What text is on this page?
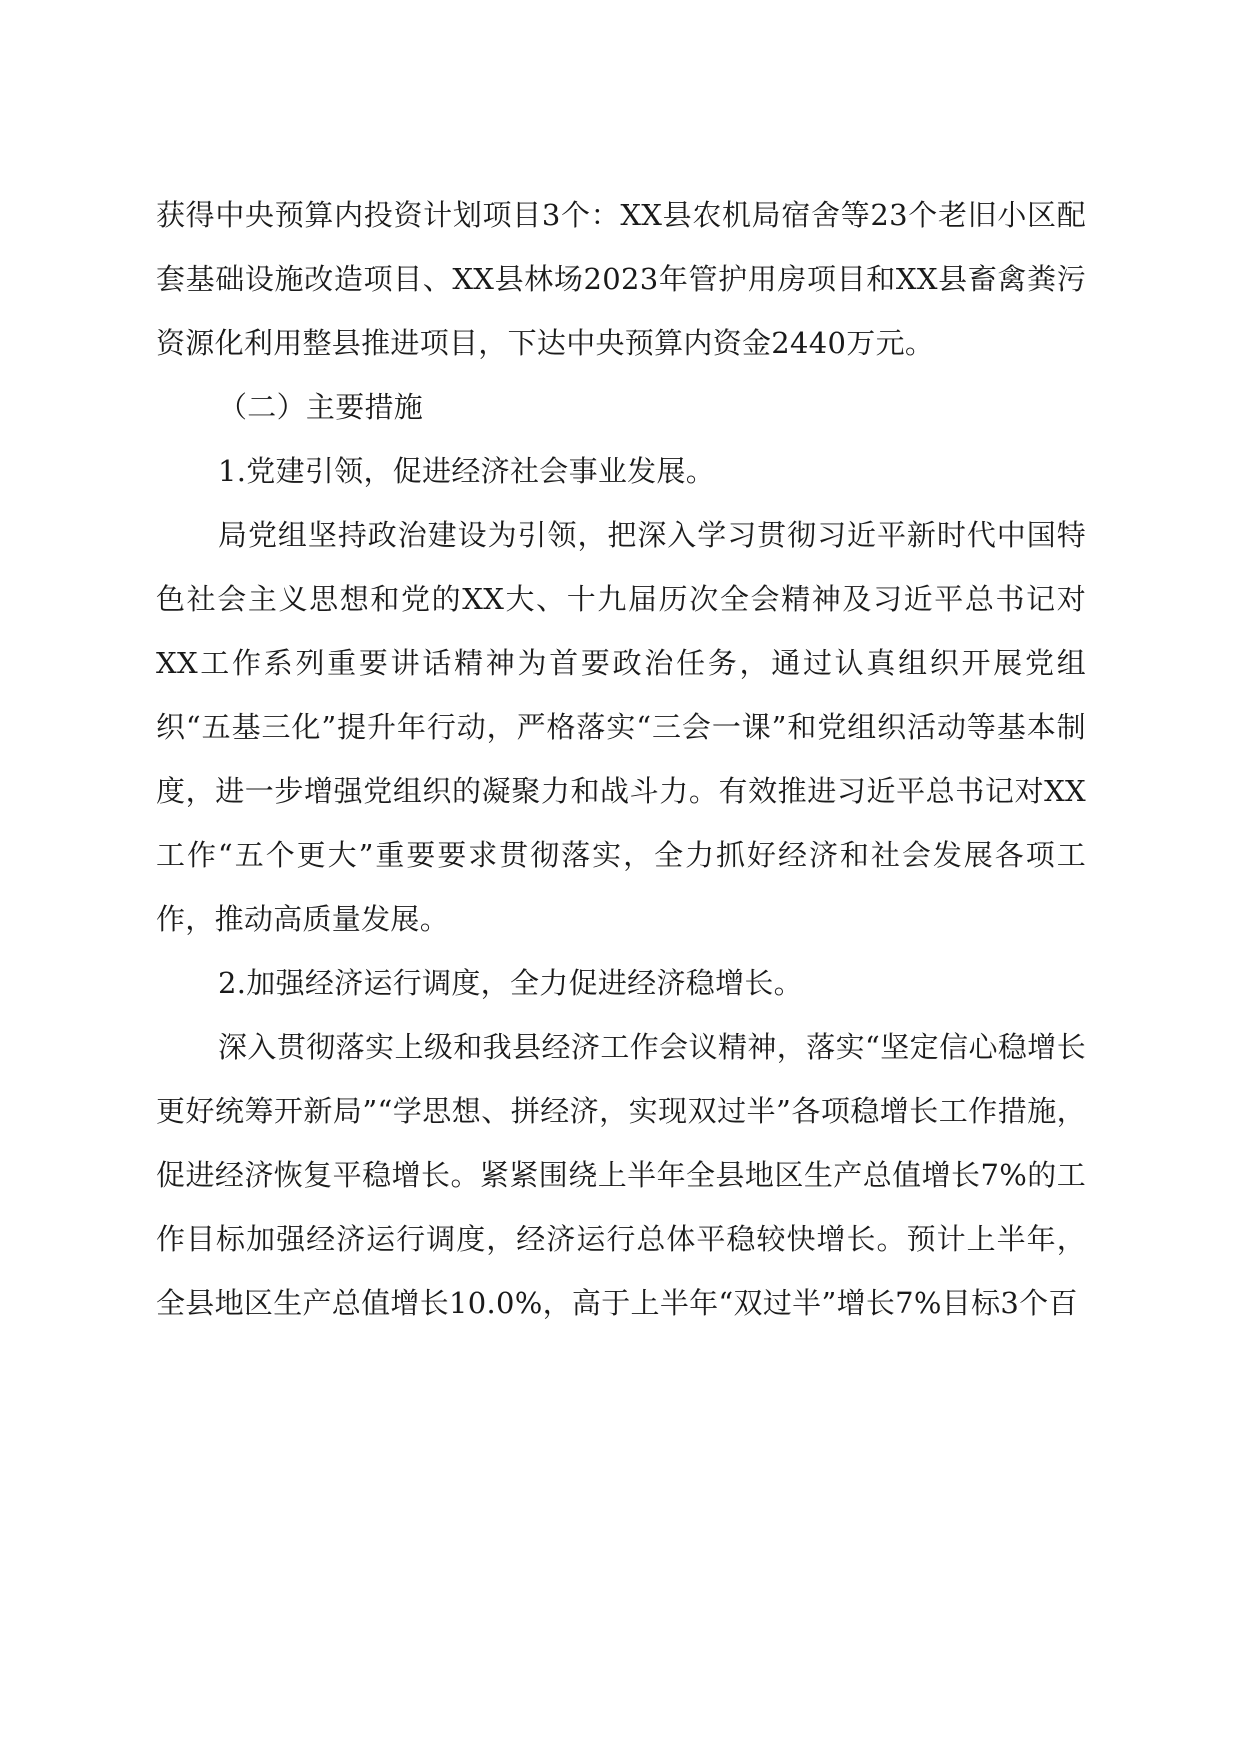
获得中央预算内投资计划项目3个：XX县农机局宿舍等23个老旧小区配套基础设施改造项目、XX县林场2023年管护用房项目和XX县畜禽粪污资源化利用整县推进项目，下达中央预算内资金2440万元。

（二）主要措施

1.党建引领，促进经济社会事业发展。

局党组坚持政治建设为引领，把深入学习贯彻习近平新时代中国特色社会主义思想和党的XX大、十九届历次全会精神及习近平总书记对XX工作系列重要讲话精神为首要政治任务，通过认真组织开展党组织“五基三化”提升年行动，严格落实“三会一课”和党组织活动等基本制度，进一步增强党组织的凝聚力和战斗力。有效推进习近平总书记对XX工作“五个更大”重要要求贯彻落实，全力抓好经济和社会发展各项工作，推动高质量发展。

2.加强经济运行调度，全力促进经济稳增长。

深入贯彻落实上级和我县经济工作会议精神，落实“坚定信心稳增长更好统筹开新局”“学思想、拼经济，实现双过半”各项稳增长工作措施，促进经济恢复平稳增长。紧紧围绕上半年全县地区生产总值增长7%的工作目标加强经济运行调度，经济运行总体平稳较快增长。预计上半年，全县地区生产总值增长10.0%，高于上半年“双过半”增长7%目标3个百
